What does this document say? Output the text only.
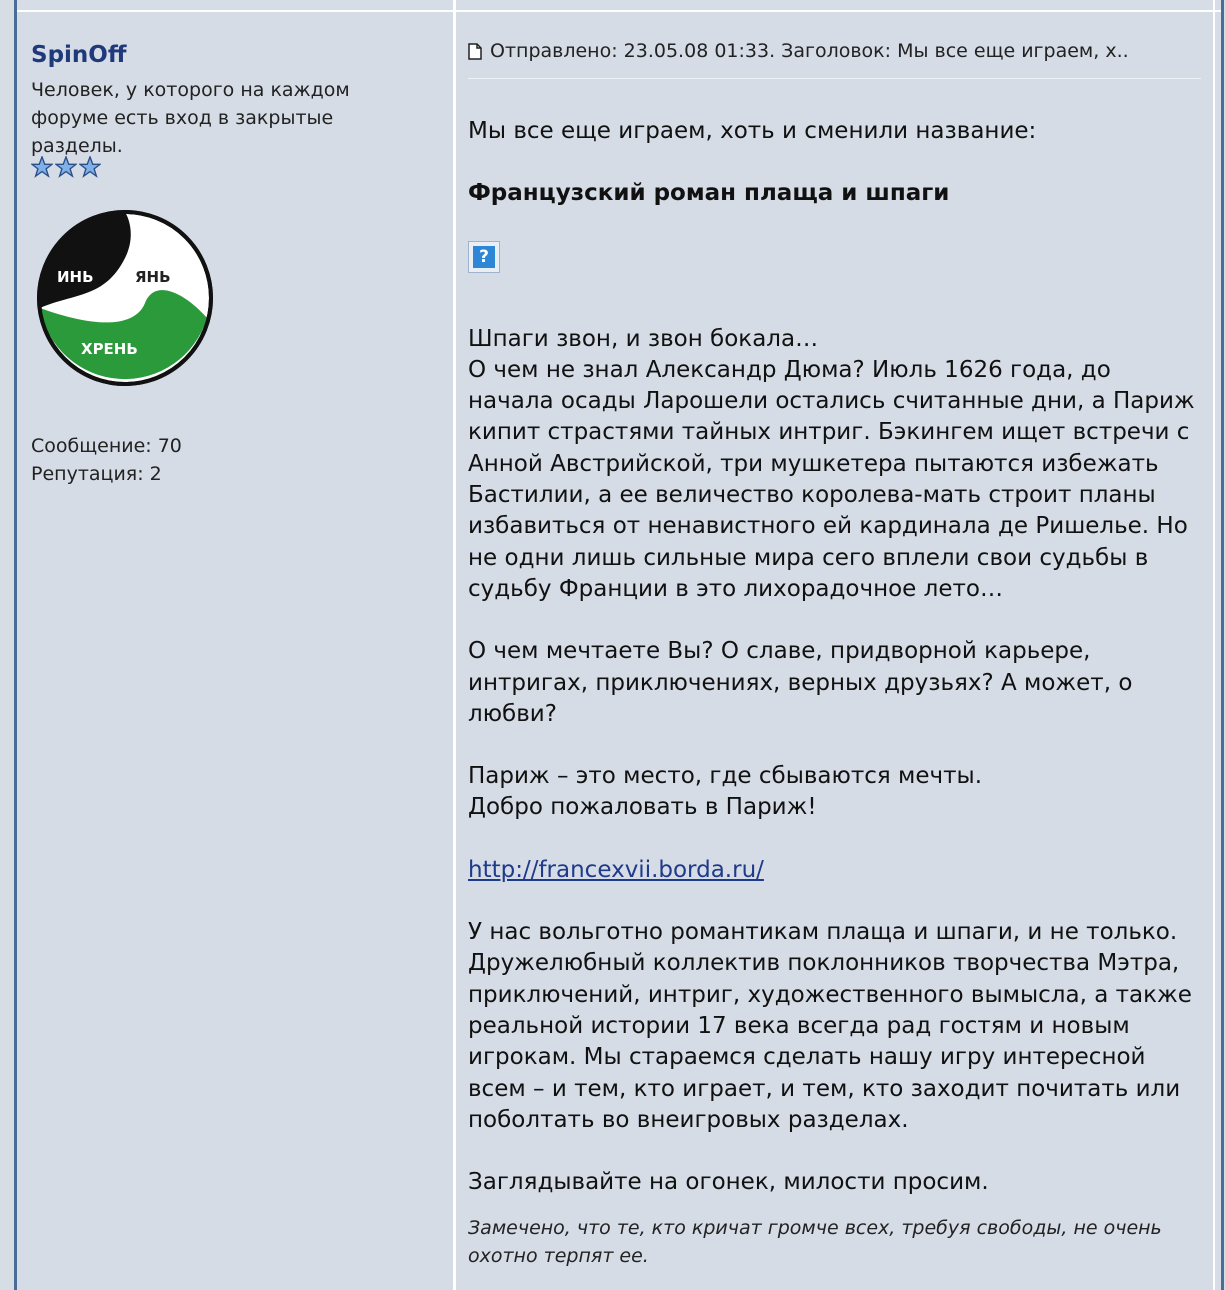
SpinOff
Человек, у которого на каждом форуме есть вход в закрытые разделы.
ИНЬ	ЯНЬ
ХРЕНЬ
Сообщение: 70
Репутация: 2
Отправлено: 23.05.08 01:33. Заголовок: Мы все еще играем, х..

Мы все еще играем, хоть и сменили название:

Французский роман плаща и шпаги

?

Шпаги звон, и звон бокала…

О чем не знал Александр Дюма? Июль 1626 года, до начала осады Ларошели остались считанные дни, а Париж кипит страстями тайных интриг. Бэкингем ищет встречи с Анной Австрийской, три мушкетера пытаются избежать Бастилии, а ее величество королева-мать строит планы избавиться от ненавистного ей кардинала де Ришелье. Но не одни лишь сильные мира сего вплели свои судьбы в судьбу Франции в это лихорадочное лето…

О чем мечтаете Вы? О славе, придворной карьере, интригах, приключениях, верных друзьях? А может, о любви?

Париж – это место, где сбываются мечты.

Добро пожаловать в Париж!

http://francexvii.borda.ru/

У нас вольготно романтикам плаща и шпаги, и не только. Дружелюбный коллектив поклонников творчества Мэтра, приключений, интриг, художественного вымысла, а также реальной истории 17 века всегда рад гостям и новым игрокам. Мы стараемся сделать нашу игру интересной всем – и тем, кто играет, и тем, кто заходит почитать или поболтать во внеигровых разделах.

Заглядывайте на огонек, милости просим.

Замечено, что те, кто кричат громче всех, требуя свободы, не очень охотно терпят ее.
